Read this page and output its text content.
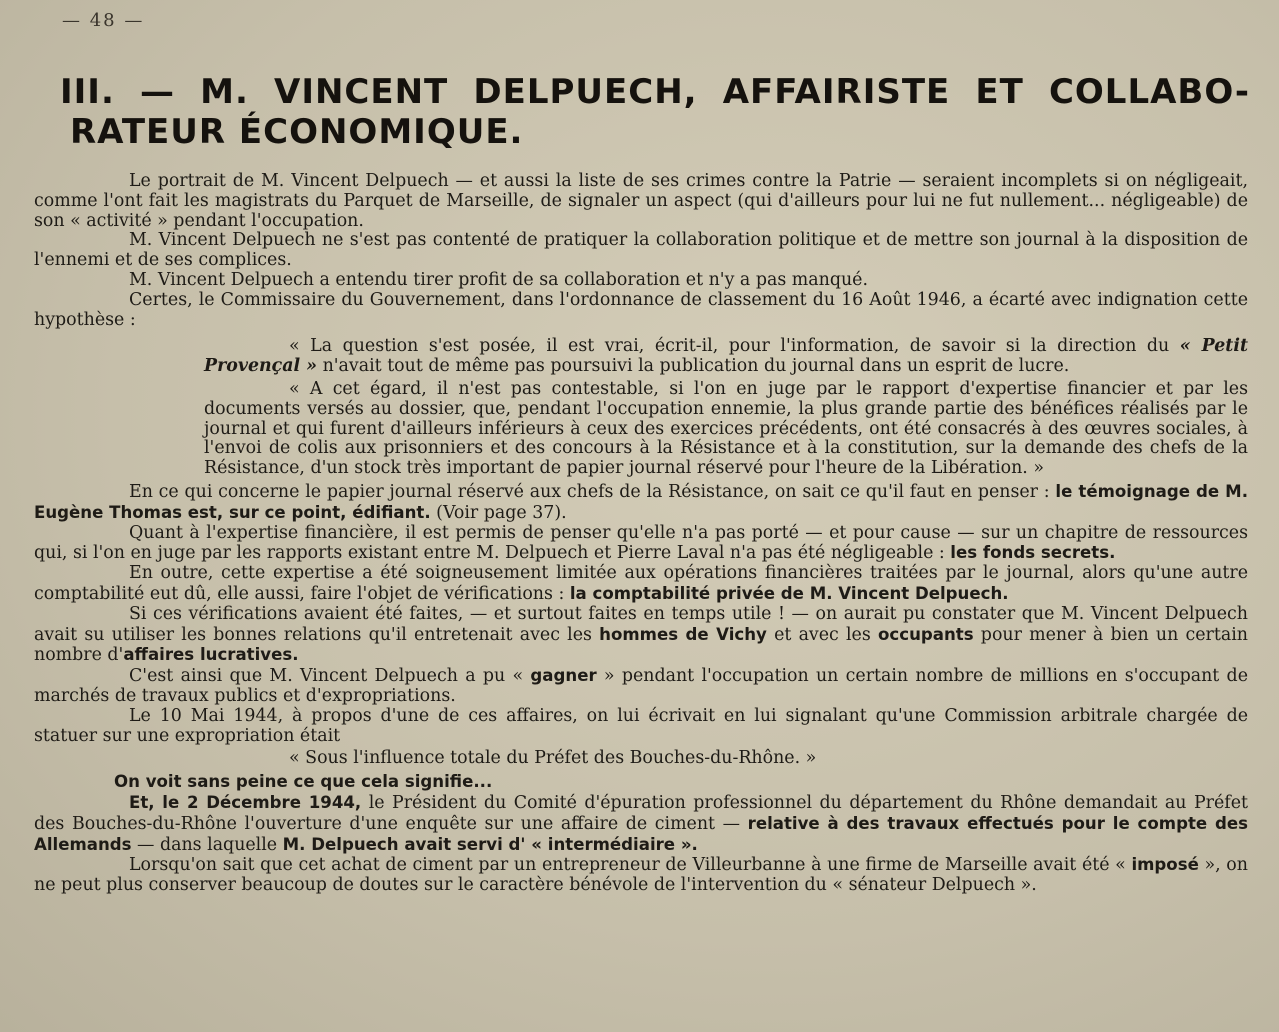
— 48 —
III. — M. VINCENT DELPUECH, AFFAIRISTE ET COLLABO-
RATEUR ÉCONOMIQUE.

Le portrait de M. Vincent Delpuech — et aussi la liste de ses crimes contre la Patrie — seraient incomplets si on négligeait, comme l'ont fait les magistrats du Parquet de Marseille, de signaler un aspect (qui d'ailleurs pour lui ne fut nullement... négligeable) de son « activité » pendant l'occupation.

M. Vincent Delpuech ne s'est pas contenté de pratiquer la collaboration politique et de mettre son journal à la disposition de l'ennemi et de ses complices.

M. Vincent Delpuech a entendu tirer profit de sa collaboration et n'y a pas manqué.

Certes, le Commissaire du Gouvernement, dans l'ordonnance de classement du 16 Août 1946, a écarté avec indignation cette hypothèse :

« La question s'est posée, il est vrai, écrit-il, pour l'information, de savoir si la direction du « Petit Provençal » n'avait tout de même pas poursuivi la publication du journal dans un esprit de lucre.

« A cet égard, il n'est pas contestable, si l'on en juge par le rapport d'expertise financier et par les documents versés au dossier, que, pendant l'occupation ennemie, la plus grande partie des bénéfices réalisés par le journal et qui furent d'ailleurs inférieurs à ceux des exercices précédents, ont été consacrés à des œuvres sociales, à l'envoi de colis aux prisonniers et des concours à la Résistance et à la constitution, sur la demande des chefs de la Résistance, d'un stock très important de papier journal réservé pour l'heure de la Libération. »

En ce qui concerne le papier journal réservé aux chefs de la Résistance, on sait ce qu'il faut en penser : le témoignage de M. Eugène Thomas est, sur ce point, édifiant. (Voir page 37).

Quant à l'expertise financière, il est permis de penser qu'elle n'a pas porté — et pour cause — sur un chapitre de ressources qui, si l'on en juge par les rapports existant entre M. Delpuech et Pierre Laval n'a pas été négligeable : les fonds secrets.

En outre, cette expertise a été soigneusement limitée aux opérations financières traitées par le journal, alors qu'une autre comptabilité eut dû, elle aussi, faire l'objet de vérifications : la comptabilité privée de M. Vincent Delpuech.

Si ces vérifications avaient été faites, — et surtout faites en temps utile ! — on aurait pu constater que M. Vincent Delpuech avait su utiliser les bonnes relations qu'il entretenait avec les hommes de Vichy et avec les occupants pour mener à bien un certain nombre d'affaires lucratives.

C'est ainsi que M. Vincent Delpuech a pu « gagner » pendant l'occupation un certain nombre de millions en s'occupant de marchés de travaux publics et d'expropriations.

Le 10 Mai 1944, à propos d'une de ces affaires, on lui écrivait en lui signalant qu'une Commission arbitrale chargée de statuer sur une expropriation était

« Sous l'influence totale du Préfet des Bouches-du-Rhône. »

On voit sans peine ce que cela signifie...

Et, le 2 Décembre 1944, le Président du Comité d'épuration professionnel du département du Rhône demandait au Préfet des Bouches-du-Rhône l'ouverture d'une enquête sur une affaire de ciment — relative à des travaux effectués pour le compte des Allemands — dans laquelle M. Delpuech avait servi d' « intermédiaire ».

Lorsqu'on sait que cet achat de ciment par un entrepreneur de Villeurbanne à une firme de Marseille avait été « imposé », on ne peut plus conserver beaucoup de doutes sur le caractère bénévole de l'intervention du « sénateur Delpuech ».
